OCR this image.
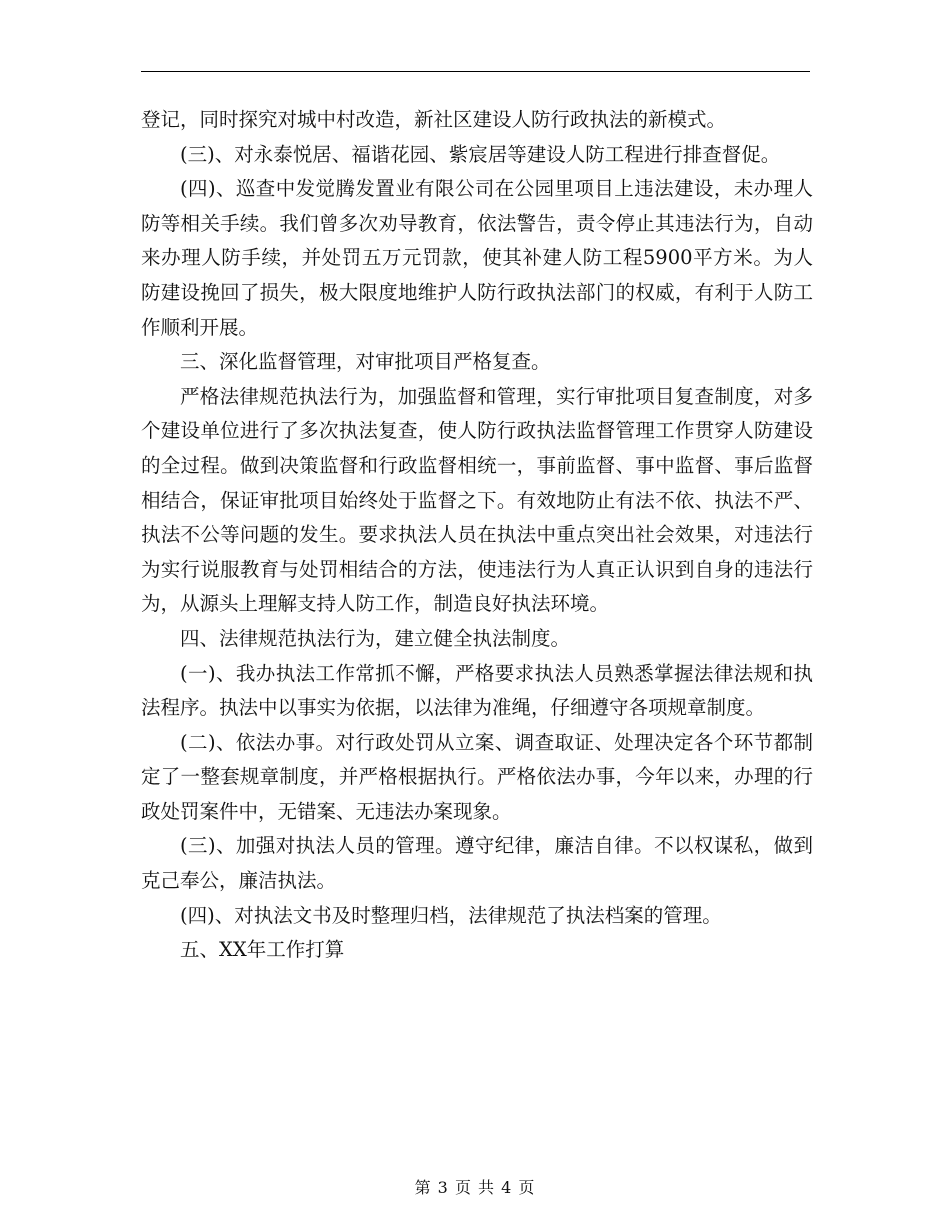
登记，同时探究对城中村改造，新社区建设人防行政执法的新模式。

(三)、对永泰悦居、福谐花园、紫宸居等建设人防工程进行排查督促。

(四)、巡查中发觉腾发置业有限公司在公园里项目上违法建设，未办理人防等相关手续。我们曾多次劝导教育，依法警告，责令停止其违法行为，自动来办理人防手续，并处罚五万元罚款，使其补建人防工程5900平方米。为人防建设挽回了损失，极大限度地维护人防行政执法部门的权威，有利于人防工作顺利开展。

三、深化监督管理，对审批项目严格复查。

严格法律规范执法行为，加强监督和管理，实行审批项目复查制度，对多个建设单位进行了多次执法复查，使人防行政执法监督管理工作贯穿人防建设的全过程。做到决策监督和行政监督相统一，事前监督、事中监督、事后监督相结合，保证审批项目始终处于监督之下。有效地防止有法不依、执法不严、执法不公等问题的发生。要求执法人员在执法中重点突出社会效果，对违法行为实行说服教育与处罚相结合的方法，使违法行为人真正认识到自身的违法行为，从源头上理解支持人防工作，制造良好执法环境。

四、法律规范执法行为，建立健全执法制度。

(一)、我办执法工作常抓不懈，严格要求执法人员熟悉掌握法律法规和执法程序。执法中以事实为依据，以法律为准绳，仔细遵守各项规章制度。

(二)、依法办事。对行政处罚从立案、调查取证、处理决定各个环节都制定了一整套规章制度，并严格根据执行。严格依法办事，今年以来，办理的行政处罚案件中，无错案、无违法办案现象。

(三)、加强对执法人员的管理。遵守纪律，廉洁自律。不以权谋私，做到克己奉公，廉洁执法。

(四)、对执法文书及时整理归档，法律规范了执法档案的管理。

五、XX年工作打算

第 3 页 共 4 页
